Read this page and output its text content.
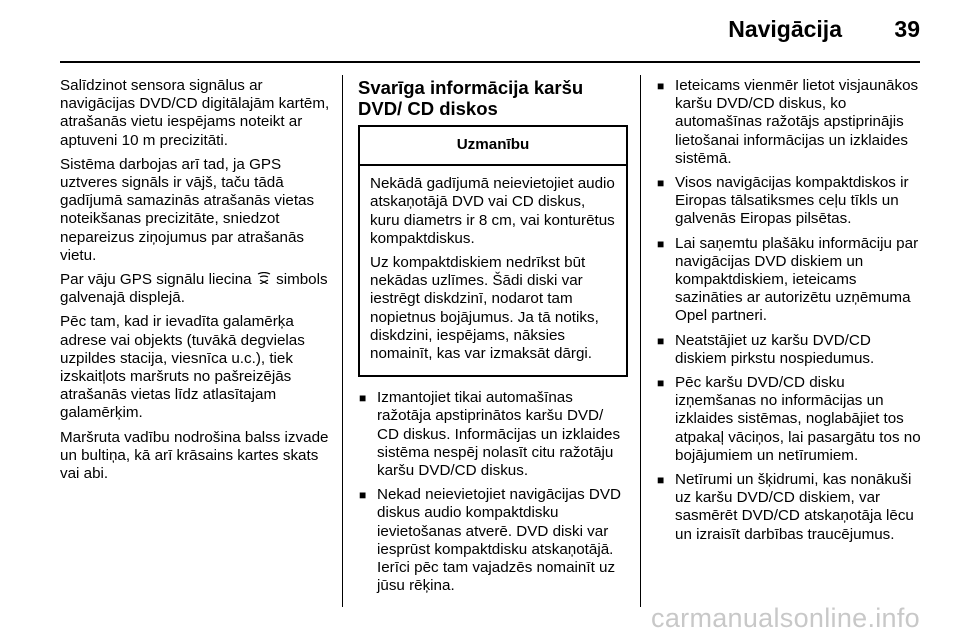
Navigācija 39

Salīdzinot sensora signālus ar navigācijas DVD/CD digitālajām kartēm, atrašanās vietu iespējams noteikt ar aptuveni 10 m precizitāti.

Sistēma darbojas arī tad, ja GPS uztveres signāls ir vājš, taču tādā gadījumā samazinās atrašanās vietas noteikšanas precizitāte, sniedzot nepareizus ziņojumus par atrašanās vietu.

Par vāju GPS signālu liecina simbols galvenajā displejā.

Pēc tam, kad ir ievadīta galamērķa adrese vai objekts (tuvākā degvielas uzpildes stacija, viesnīca u.c.), tiek izskaitļots maršruts no pašreizējās atrašanās vietas līdz atlasītajam galamērķim.

Maršruta vadību nodrošina balss izvade un bultiņa, kā arī krāsains kartes skats vai abi.

Svarīga informācija karšu DVD/ CD diskos
Uzmanību

Nekādā gadījumā neievietojiet audio atskaņotājā DVD vai CD diskus, kuru diametrs ir 8 cm, vai konturētus kompaktdiskus.

Uz kompaktdiskiem nedrīkst būt nekādas uzlīmes. Šādi diski var iestrēgt diskdzinī, nodarot tam nopietnus bojājumus. Ja tā notiks, diskdzini, iespējams, nāksies nomainīt, kas var izmaksāt dārgi.

■ Izmantojiet tikai automašīnas ražotāja apstiprinātos karšu DVD/ CD diskus. Informācijas un izklaides sistēma nespēj nolasīt citu ražotāju karšu DVD/CD diskus.
■ Nekad neievietojiet navigācijas DVD diskus audio kompaktdisku ievietošanas atverē. DVD diski var iesprūst kompaktdisku atskaņotājā. Ierīci pēc tam vajadzēs nomainīt uz jūsu rēķina.
■ Ieteicams vienmēr lietot visjaunākos karšu DVD/CD diskus, ko automašīnas ražotājs apstiprinājis lietošanai informācijas un izklaides sistēmā.
■ Visos navigācijas kompaktdiskos ir Eiropas tālsatiksmes ceļu tīkls un galvenās Eiropas pilsētas.
■ Lai saņemtu plašāku informāciju par navigācijas DVD diskiem un kompaktdiskiem, ieteicams sazināties ar autorizētu uzņēmuma Opel partneri.
■ Neatstājiet uz karšu DVD/CD diskiem pirkstu nospiedumus.
■ Pēc karšu DVD/CD disku izņemšanas no informācijas un izklaides sistēmas, noglabājiet tos atpakaļ vāciņos, lai pasargātu tos no bojājumiem un netīrumiem.
■ Netīrumi un šķidrumi, kas nonākuši uz karšu DVD/CD diskiem, var sasmērēt DVD/CD atskaņotāja lēcu un izraisīt darbības traucējumus.
carmanualsonline.info
